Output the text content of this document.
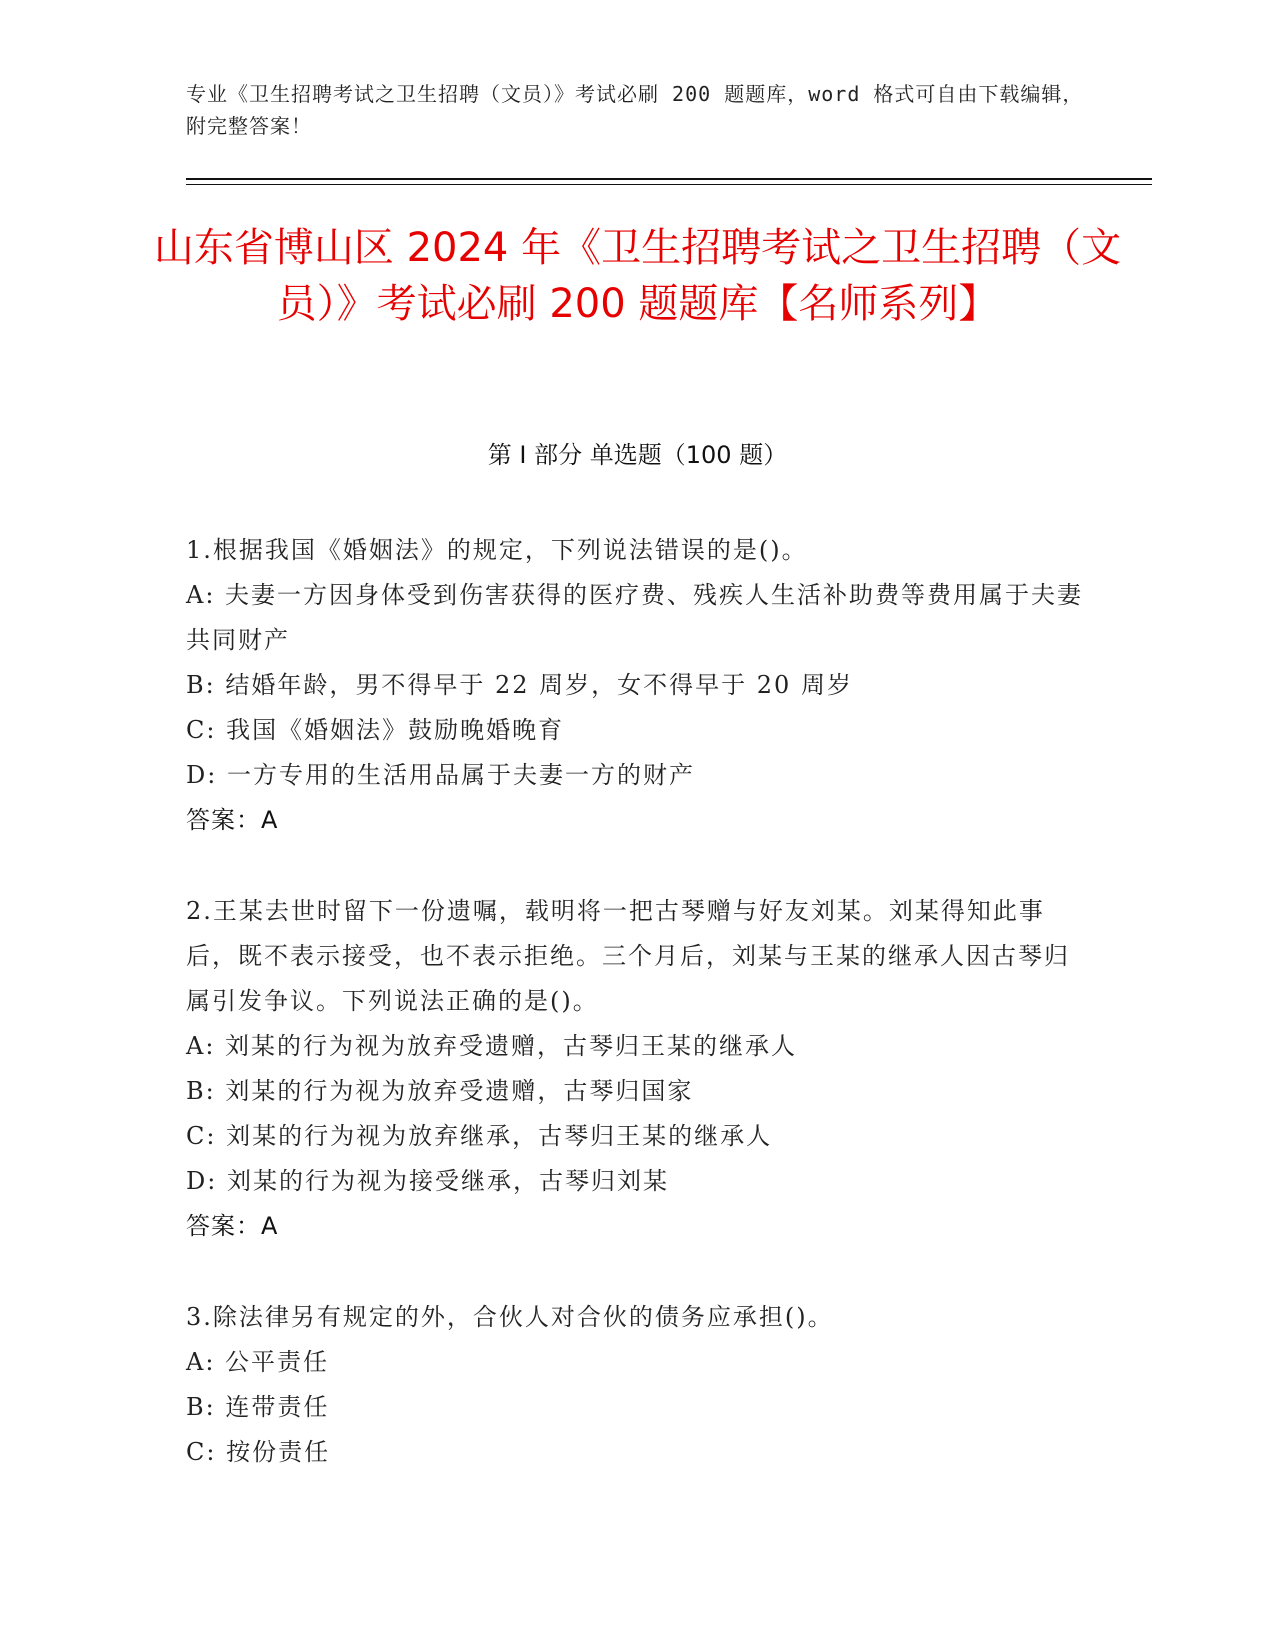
专业《卫生招聘考试之卫生招聘（文员）》考试必刷 200 题题库，word 格式可自由下载编辑，附完整答案！
山东省博山区 2024 年《卫生招聘考试之卫生招聘（文员）》考试必刷 200 题题库【名师系列】
第 I 部分 单选题（100 题）

1.根据我国《婚姻法》的规定，下列说法错误的是()。

A: 夫妻一方因身体受到伤害获得的医疗费、残疾人生活补助费等费用属于夫妻共同财产

B: 结婚年龄，男不得早于 22 周岁，女不得早于 20 周岁

C: 我国《婚姻法》鼓励晚婚晚育

D: 一方专用的生活用品属于夫妻一方的财产

答案：A

2.王某去世时留下一份遗嘱，载明将一把古琴赠与好友刘某。刘某得知此事后，既不表示接受，也不表示拒绝。三个月后，刘某与王某的继承人因古琴归属引发争议。下列说法正确的是()。

A: 刘某的行为视为放弃受遗赠，古琴归王某的继承人

B: 刘某的行为视为放弃受遗赠，古琴归国家

C: 刘某的行为视为放弃继承，古琴归王某的继承人

D: 刘某的行为视为接受继承，古琴归刘某

答案：A

3.除法律另有规定的外，合伙人对合伙的债务应承担()。

A: 公平责任

B: 连带责任

C: 按份责任
